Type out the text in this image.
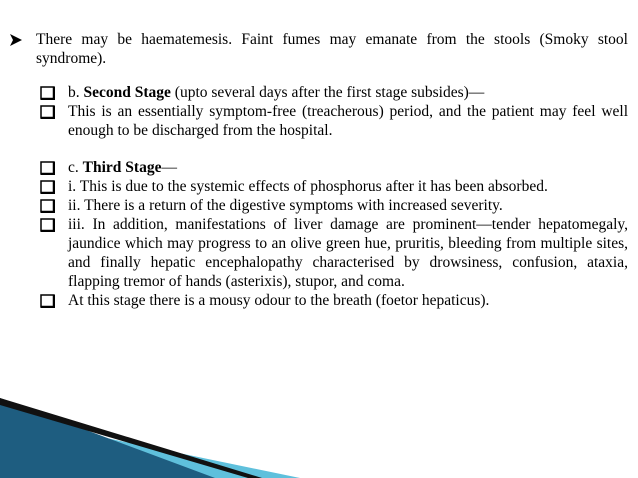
There may be haematemesis. Faint fumes may emanate from the stools (Smoky stool syndrome).
b. Second Stage (upto several days after the first stage subsides)—
This is an essentially symptom-free (treacherous) period, and the patient may feel well enough to be discharged from the hospital.
c. Third Stage—
i. This is due to the systemic effects of phosphorus after it has been absorbed.
ii. There is a return of the digestive symptoms with increased severity.
iii. In addition, manifestations of liver damage are prominent—tender hepatomegaly, jaundice which may progress to an olive green hue, pruritis, bleeding from multiple sites, and finally hepatic encephalopathy characterised by drowsiness, confusion, ataxia, flapping tremor of hands (asterixis), stupor, and coma.
At this stage there is a mousy odour to the breath (foetor hepaticus).
